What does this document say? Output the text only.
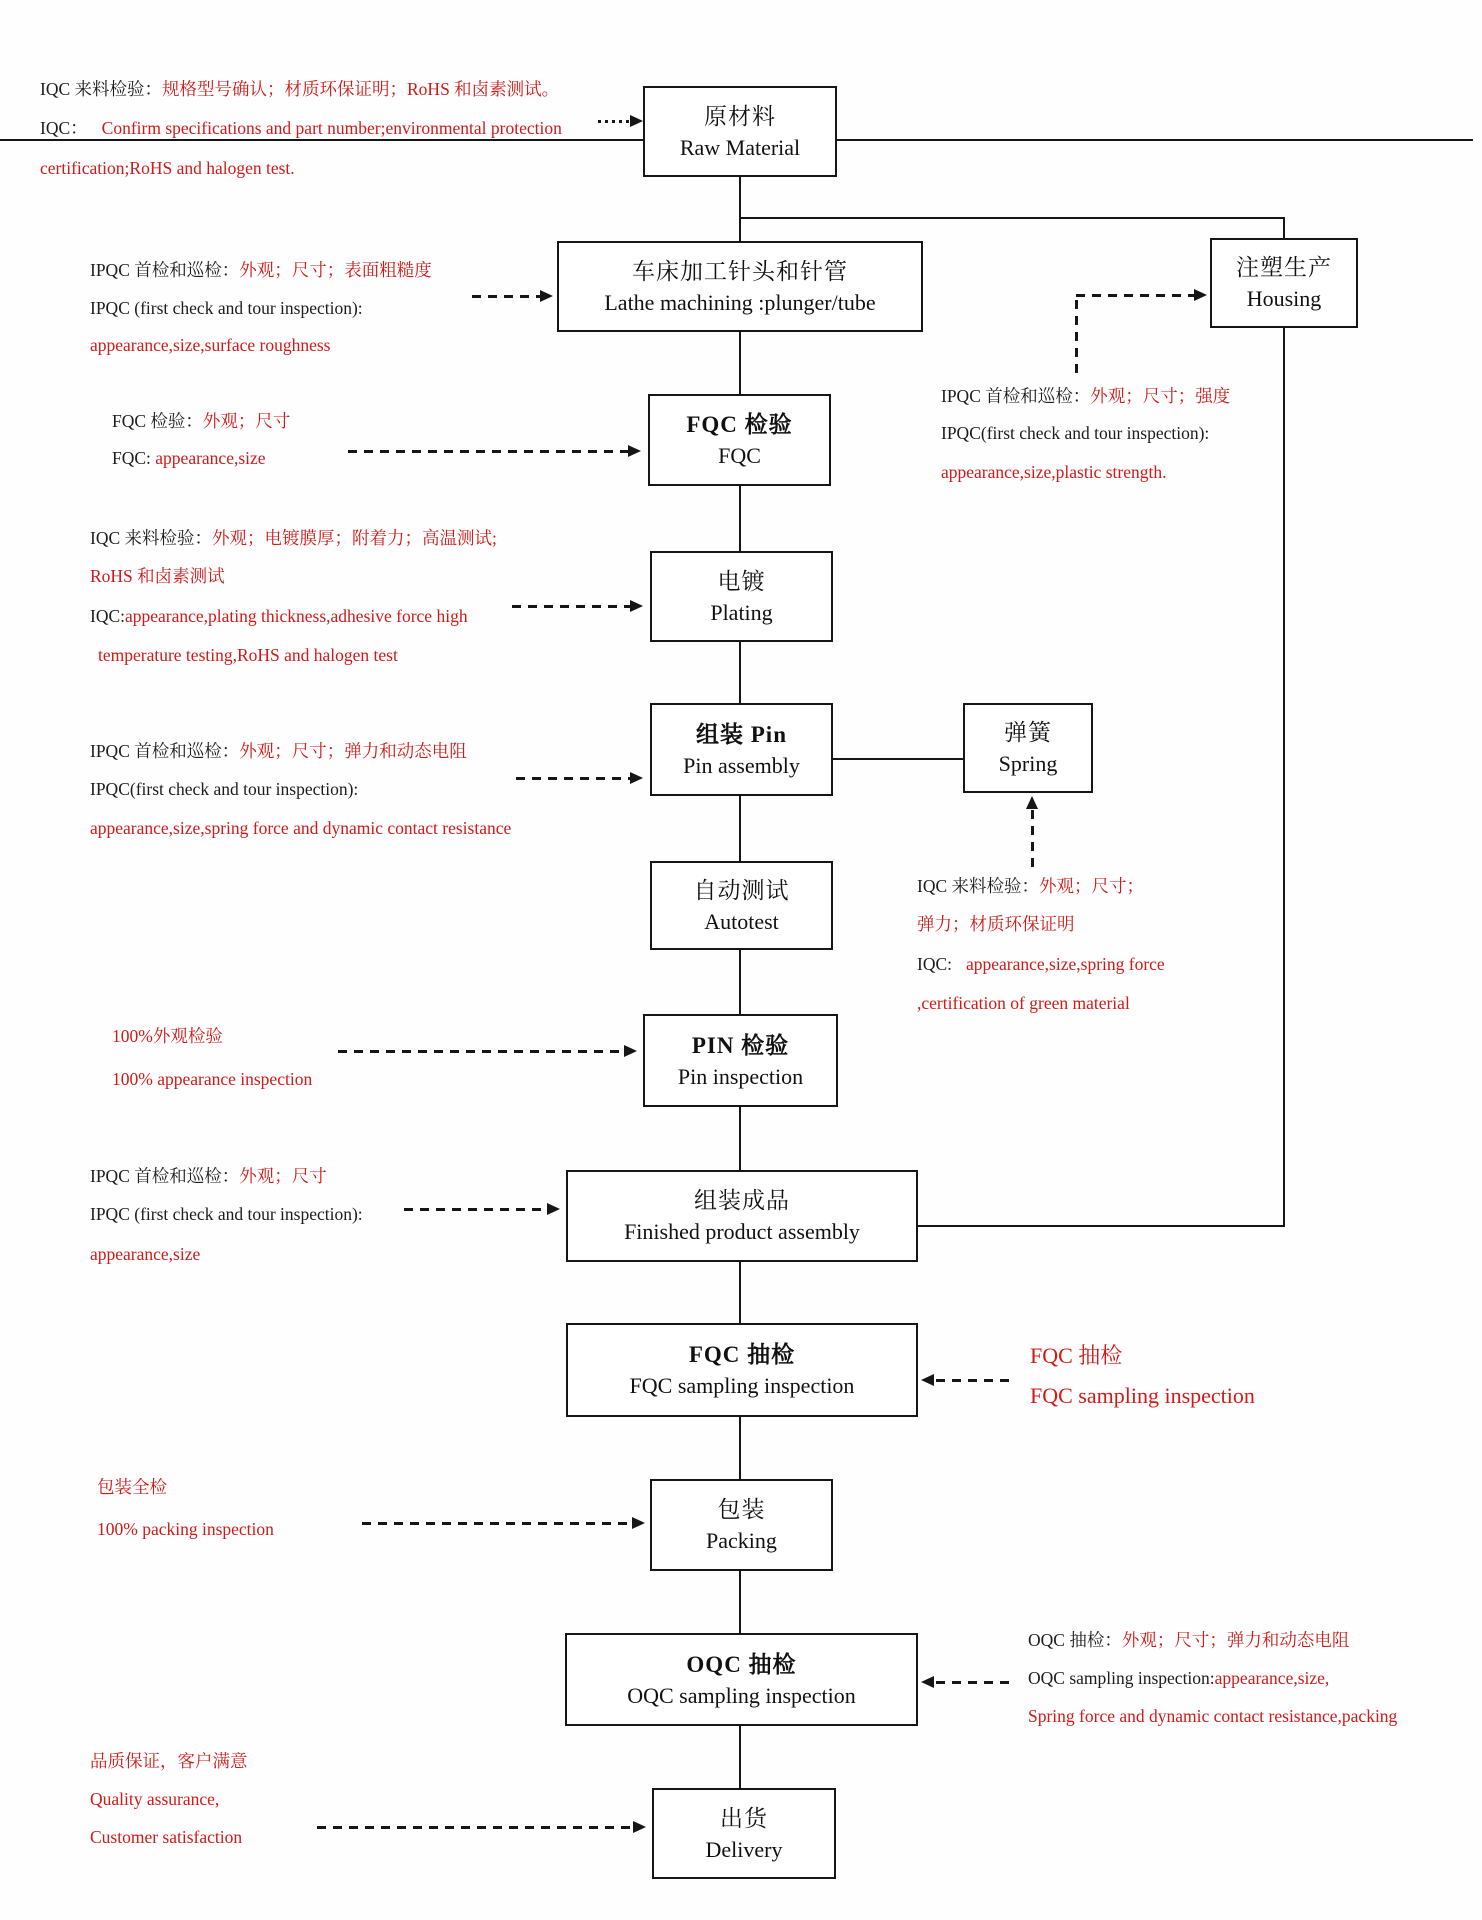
原材料
Raw Material
车床加工针头和针管
Lathe machining :plunger/tube
注塑生产
Housing
FQC 检验
FQC
电镀
Plating
组装 Pin
Pin assembly
弹簧
Spring
自动测试
Autotest
PIN 检验
Pin inspection
组装成品
Finished product assembly
FQC 抽检
FQC sampling inspection
包装
Packing
OQC 抽检
OQC sampling inspection
出货
Delivery
IQC 来料检验：规格型号确认；材质环保证明；RoHS 和卤素测试。
IQC： Confirm specifications and part number;environmental protection
certification;RoHS and halogen test.
IPQC 首检和巡检：外观；尺寸；表面粗糙度
IPQC (first check and tour inspection):
appearance,size,surface roughness
FQC 检验：外观；尺寸
FQC: appearance,size
IQC 来料检验：外观；电镀膜厚；附着力；高温测试;
RoHS 和卤素测试
IQC:appearance,plating thickness,adhesive force high
temperature testing,RoHS and halogen test
IPQC 首检和巡检：外观；尺寸；弹力和动态电阻
IPQC(first check and tour inspection):
appearance,size,spring force and dynamic contact resistance
IPQC 首检和巡检：外观；尺寸；强度
IPQC(first check and tour inspection):
appearance,size,plastic strength.
IQC 来料检验：外观；尺寸；
弹力；材质环保证明
IQC: appearance,size,spring force
,certification of green material
100%外观检验
100% appearance inspection
IPQC 首检和巡检：外观；尺寸
IPQC (first check and tour inspection):
appearance,size
FQC 抽检
FQC sampling inspection
包装全检
100% packing inspection
OQC 抽检：外观；尺寸；弹力和动态电阻
OQC sampling inspection:appearance,size,
Spring force and dynamic contact resistance,packing
品质保证，客户满意
Quality assurance,
Customer satisfaction
